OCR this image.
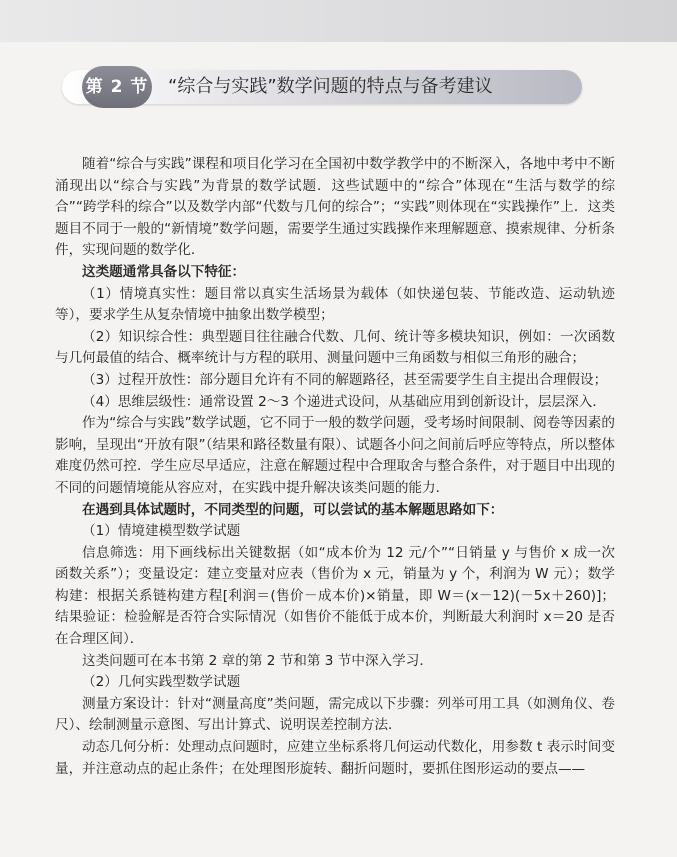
第 2 节 “综合与实践”数学问题的特点与备考建议

随着“综合与实践”课程和项目化学习在全国初中数学教学中的不断深入，各地中考中不断涌现出以“综合与实践”为背景的数学试题．这些试题中的“综合”体现在“生活与数学的综合”“跨学科的综合”以及数学内部“代数与几何的综合”；“实践”则体现在“实践操作”上．这类题目不同于一般的“新情境”数学问题，需要学生通过实践操作来理解题意、摸索规律、分析条件，实现问题的数学化．

这类题通常具备以下特征：

（1）情境真实性：题目常以真实生活场景为载体（如快递包装、节能改造、运动轨迹等），要求学生从复杂情境中抽象出数学模型；

（2）知识综合性：典型题目往往融合代数、几何、统计等多模块知识，例如：一次函数与几何最值的结合、概率统计与方程的联用、测量问题中三角函数与相似三角形的融合；

（3）过程开放性：部分题目允许有不同的解题路径，甚至需要学生自主提出合理假设；

（4）思维层级性：通常设置 2～3 个递进式设问，从基础应用到创新设计，层层深入．

作为“综合与实践”数学试题，它不同于一般的数学问题，受考场时间限制、阅卷等因素的影响，呈现出“开放有限”（结果和路径数量有限）、试题各小问之间前后呼应等特点，所以整体难度仍然可控．学生应尽早适应，注意在解题过程中合理取舍与整合条件，对于题目中出现的不同的问题情境能从容应对，在实践中提升解决该类问题的能力．

在遇到具体试题时，不同类型的问题，可以尝试的基本解题思路如下：

（1）情境建模型数学试题

信息筛选：用下画线标出关键数据（如“成本价为 12 元/个”“日销量 y 与售价 x 成一次函数关系”）；变量设定：建立变量对应表（售价为 x 元，销量为 y 个，利润为 W 元）；数学构建：根据关系链构建方程[利润＝(售价－成本价)×销量，即 W＝(x－12)(－5x＋260)]；结果验证：检验解是否符合实际情况（如售价不能低于成本价，判断最大利润时 x＝20 是否在合理区间）．

这类问题可在本书第 2 章的第 2 节和第 3 节中深入学习．

（2）几何实践型数学试题

测量方案设计：针对“测量高度”类问题，需完成以下步骤：列举可用工具（如测角仪、卷尺）、绘制测量示意图、写出计算式、说明误差控制方法．

动态几何分析：处理动点问题时，应建立坐标系将几何运动代数化，用参数 t 表示时间变量，并注意动点的起止条件；在处理图形旋转、翻折问题时，要抓住图形运动的要点——
